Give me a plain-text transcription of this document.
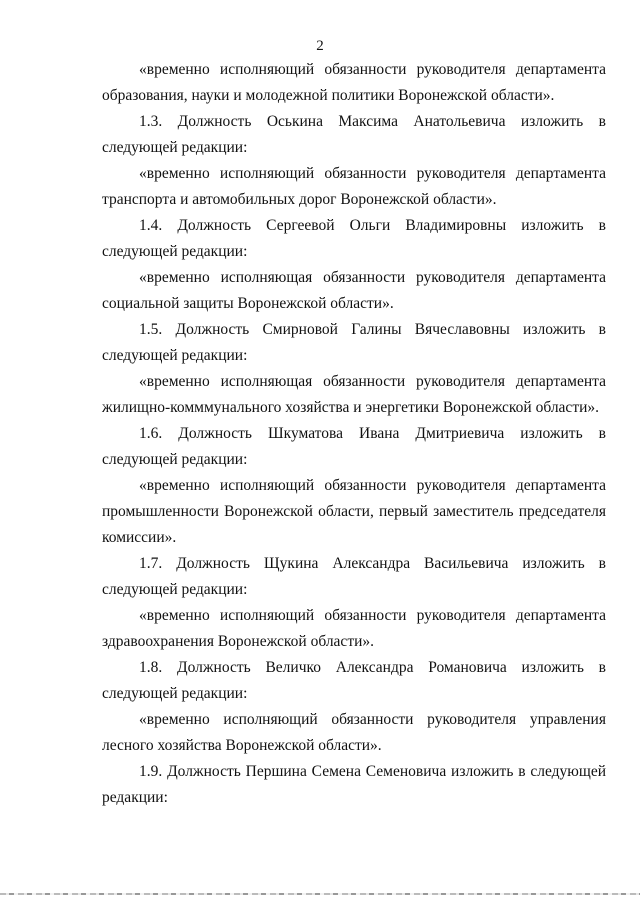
2
«временно исполняющий обязанности руководителя департамента
образования, науки и молодежной политики Воронежской области».
1.3. Должность Оськина Максима Анатольевича изложить в
следующей редакции:
«временно исполняющий обязанности руководителя департамента
транспорта и автомобильных дорог Воронежской области».
1.4. Должность Сергеевой Ольги Владимировны изложить в
следующей редакции:
«временно исполняющая обязанности руководителя департамента
социальной защиты Воронежской области».
1.5. Должность Смирновой Галины Вячеславовны изложить в
следующей редакции:
«временно исполняющая обязанности руководителя департамента
жилищно-комммунального хозяйства и энергетики Воронежской области».
1.6. Должность Шкуматова Ивана Дмитриевича изложить в
следующей редакции:
«временно исполняющий обязанности руководителя департамента
промышленности Воронежской области, первый заместитель председателя
комиссии».
1.7. Должность Щукина Александра Васильевича изложить в
следующей редакции:
«временно исполняющий обязанности руководителя департамента
здравоохранения Воронежской области».
1.8. Должность Величко Александра Романовича изложить в
следующей редакции:
«временно исполняющий обязанности руководителя управления
лесного хозяйства Воронежской области».
1.9. Должность Першина Семена Семеновича изложить в следующей
редакции:
